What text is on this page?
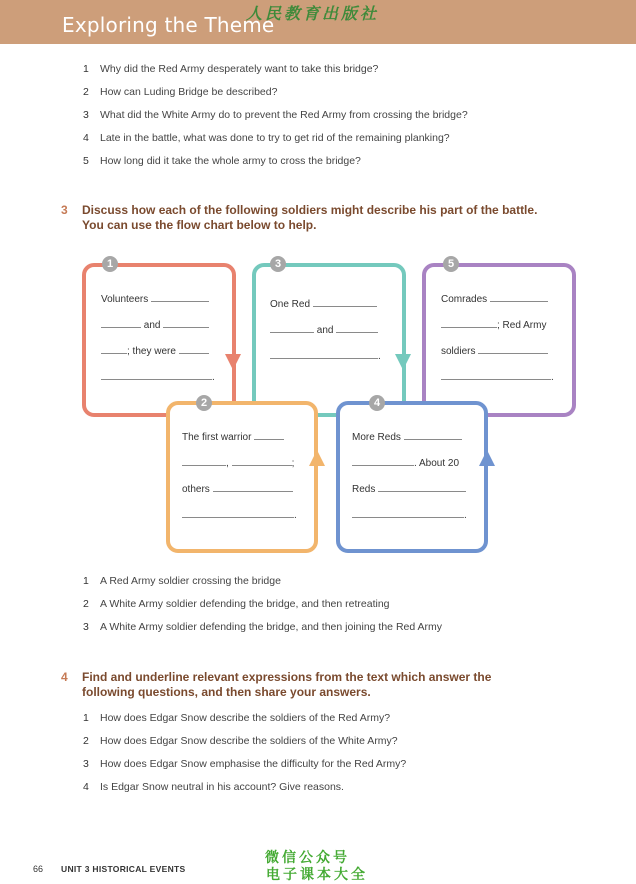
Exploring the Theme
人民教育出版社
1 Why did the Red Army desperately want to take this bridge?
2 How can Luding Bridge be described?
3 What did the White Army do to prevent the Red Army from crossing the bridge?
4 Late in the battle, what was done to try to get rid of the remaining planking?
5 How long did it take the whole army to cross the bridge?
3 Discuss how each of the following soldiers might describe his part of the battle.
You can use the flow chart below to help.
Volunteers
and
; they were
.
One Red
and
.
Comrades
; Red Army
soldiers
.
The first warrior
,	;
others
.
More Reds
. About 20
Reds
.
1	3	5
2	4
1 A Red Army soldier crossing the bridge
2 A White Army soldier defending the bridge, and then retreating
3 A White Army soldier defending the bridge, and then joining the Red Army
4 Find and underline relevant expressions from the text which answer the
following questions, and then share your answers.
1 How does Edgar Snow describe the soldiers of the Red Army?
2 How does Edgar Snow describe the soldiers of the White Army?
3 How does Edgar Snow emphasise the difficulty for the Red Army?
4 Is Edgar Snow neutral in his account? Give reasons.
66 UNIT 3 HISTORICAL EVENTS
微信公众号
电子课本大全
